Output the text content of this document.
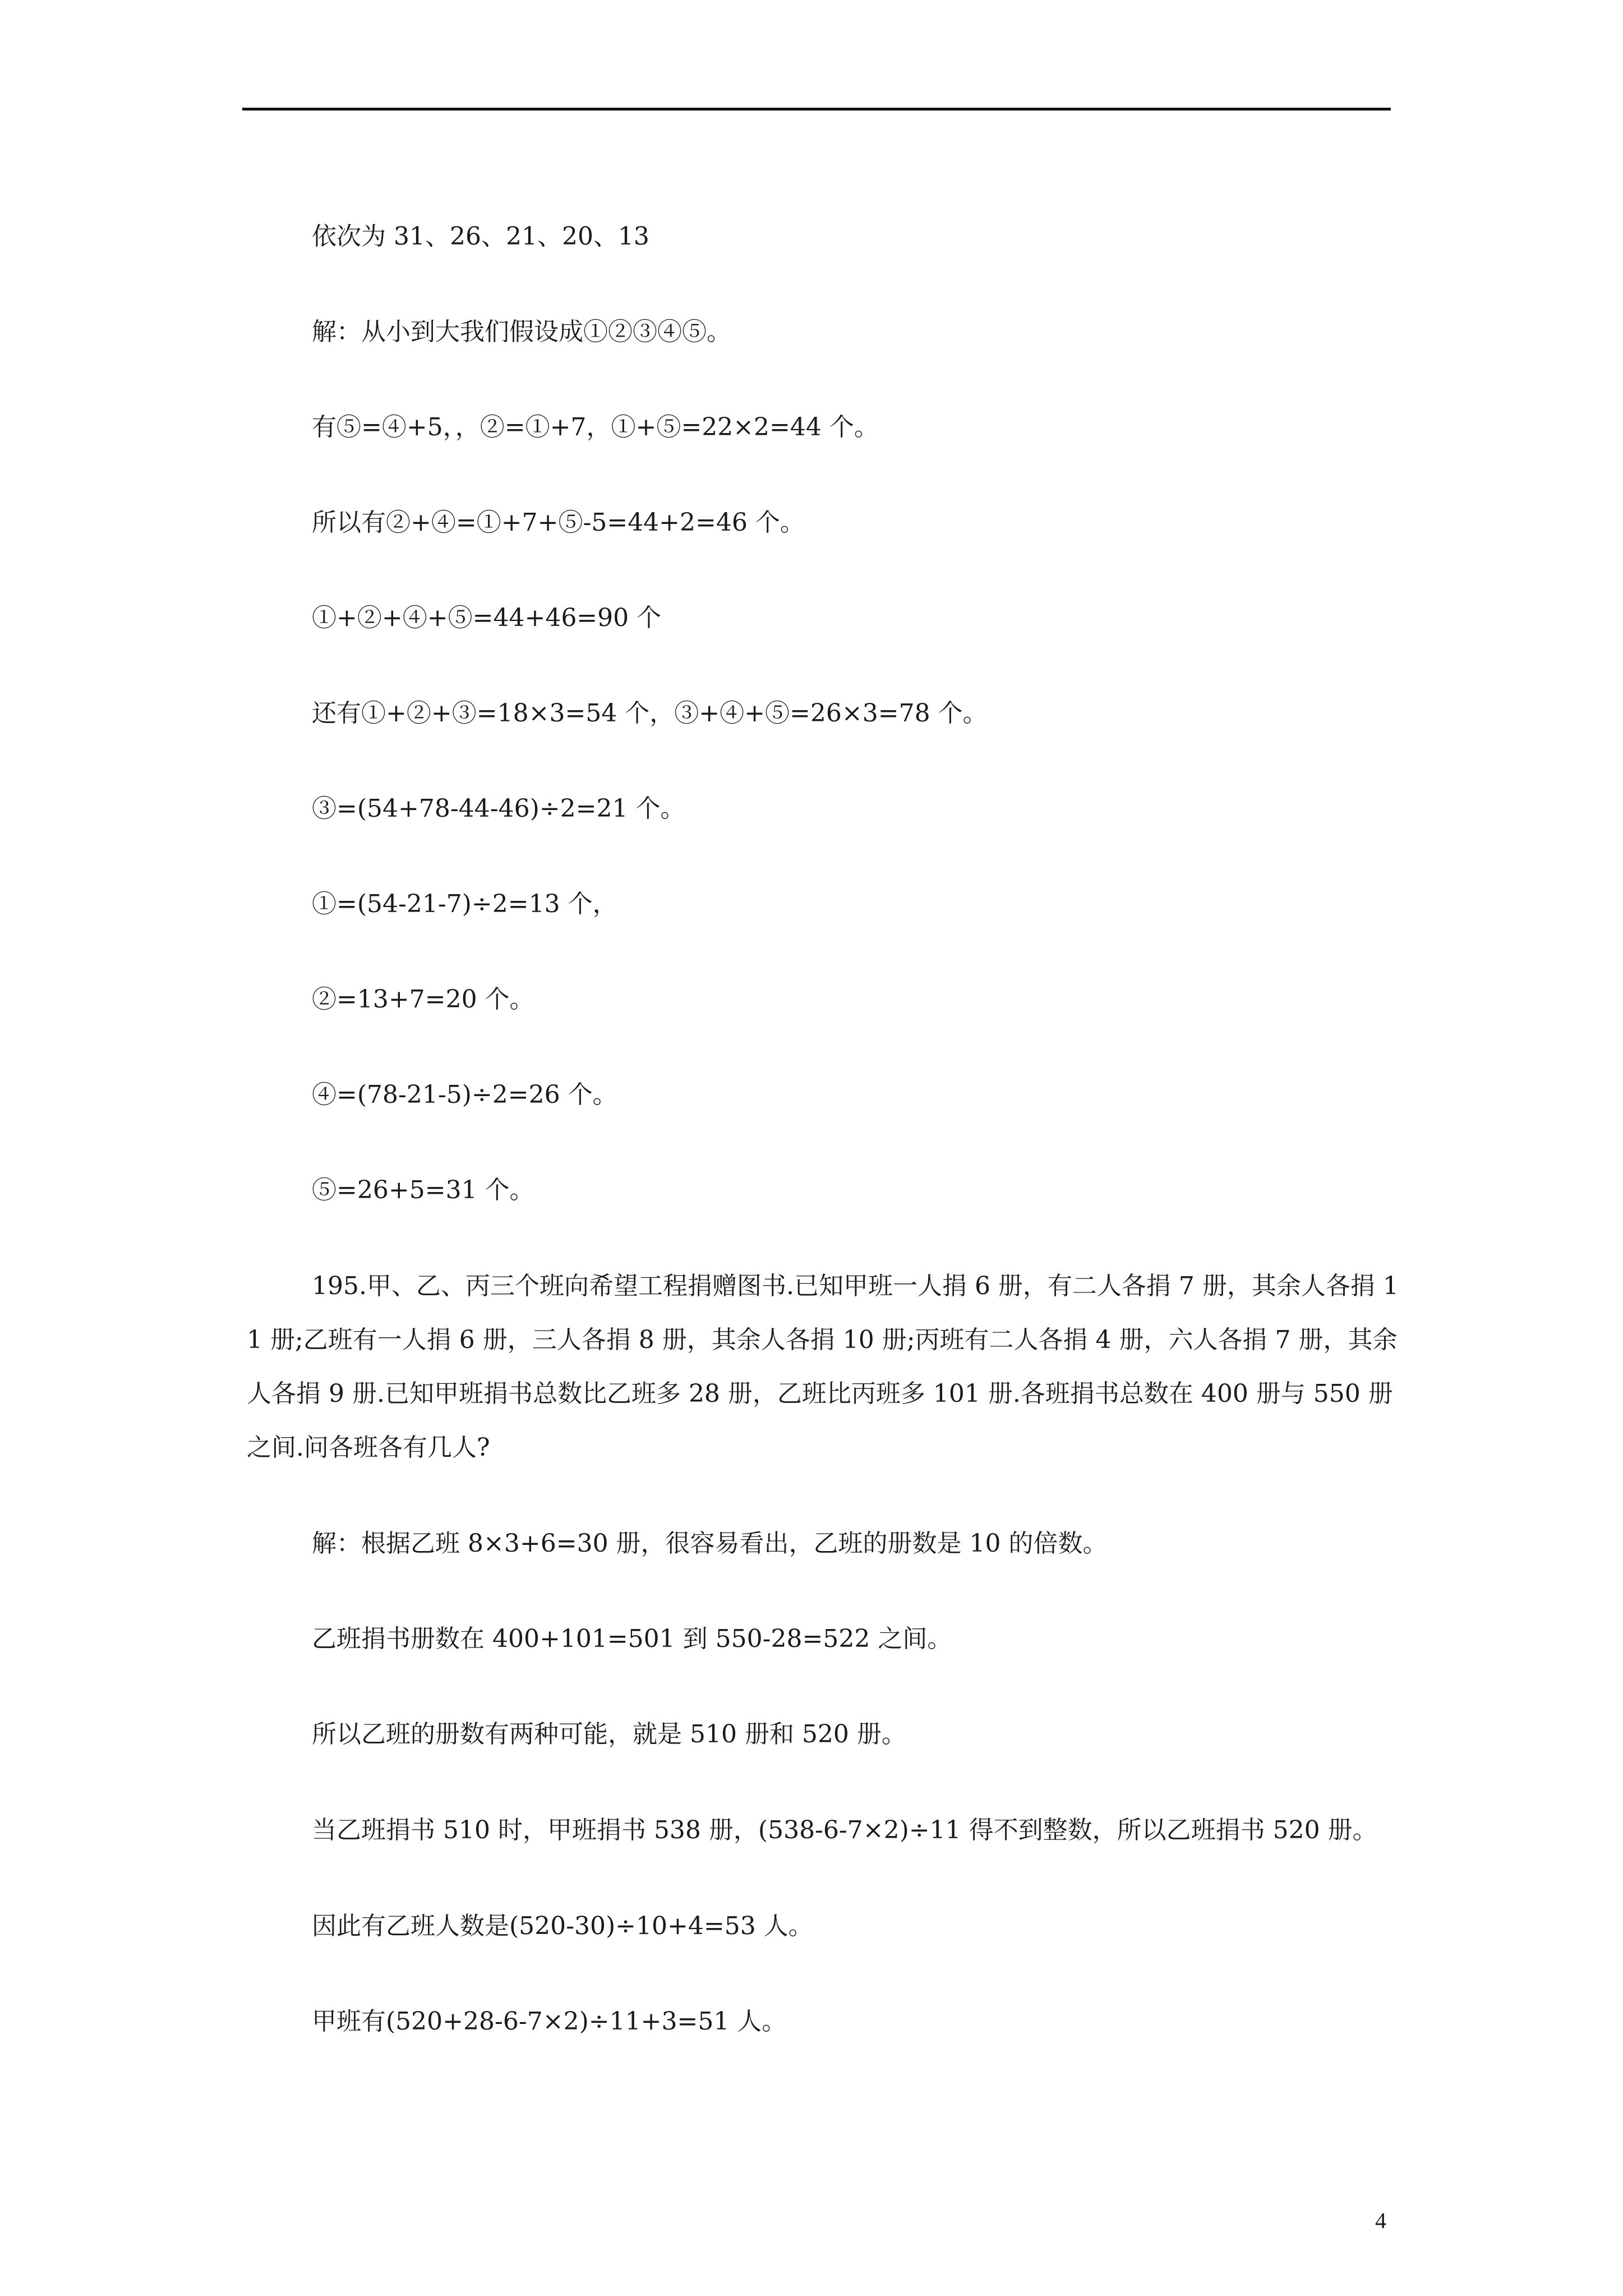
依次为 31、26、21、20、13

解：从小到大我们假设成①②③④⑤。

有⑤=④+5，，②=①+7，①+⑤=22×2=44 个。

所以有②+④=①+7+⑤-5=44+2=46 个。

①+②+④+⑤=44+46=90 个

还有①+②+③=18×3=54 个，③+④+⑤=26×3=78 个。

③=(54+78-44-46)÷2=21 个。

①=(54-21-7)÷2=13 个，

②=13+7=20 个。

④=(78-21-5)÷2=26 个。

⑤=26+5=31 个。

195.甲、乙、丙三个班向希望工程捐赠图书.已知甲班一人捐 6 册，有二人各捐 7 册，其余人各捐 11 册;乙班有一人捐 6 册，三人各捐 8 册，其余人各捐 10 册;丙班有二人各捐 4 册，六人各捐 7 册，其余人各捐 9 册.已知甲班捐书总数比乙班多 28 册，乙班比丙班多 101 册.各班捐书总数在 400 册与 550 册之间.问各班各有几人?

解：根据乙班 8×3+6=30 册，很容易看出，乙班的册数是 10 的倍数。

乙班捐书册数在 400+101=501 到 550-28=522 之间。

所以乙班的册数有两种可能，就是 510 册和 520 册。

当乙班捐书 510 时，甲班捐书 538 册，(538-6-7×2)÷11 得不到整数，所以乙班捐书 520 册。

因此有乙班人数是(520-30)÷10+4=53 人。

甲班有(520+28-6-7×2)÷11+3=51 人。

4
